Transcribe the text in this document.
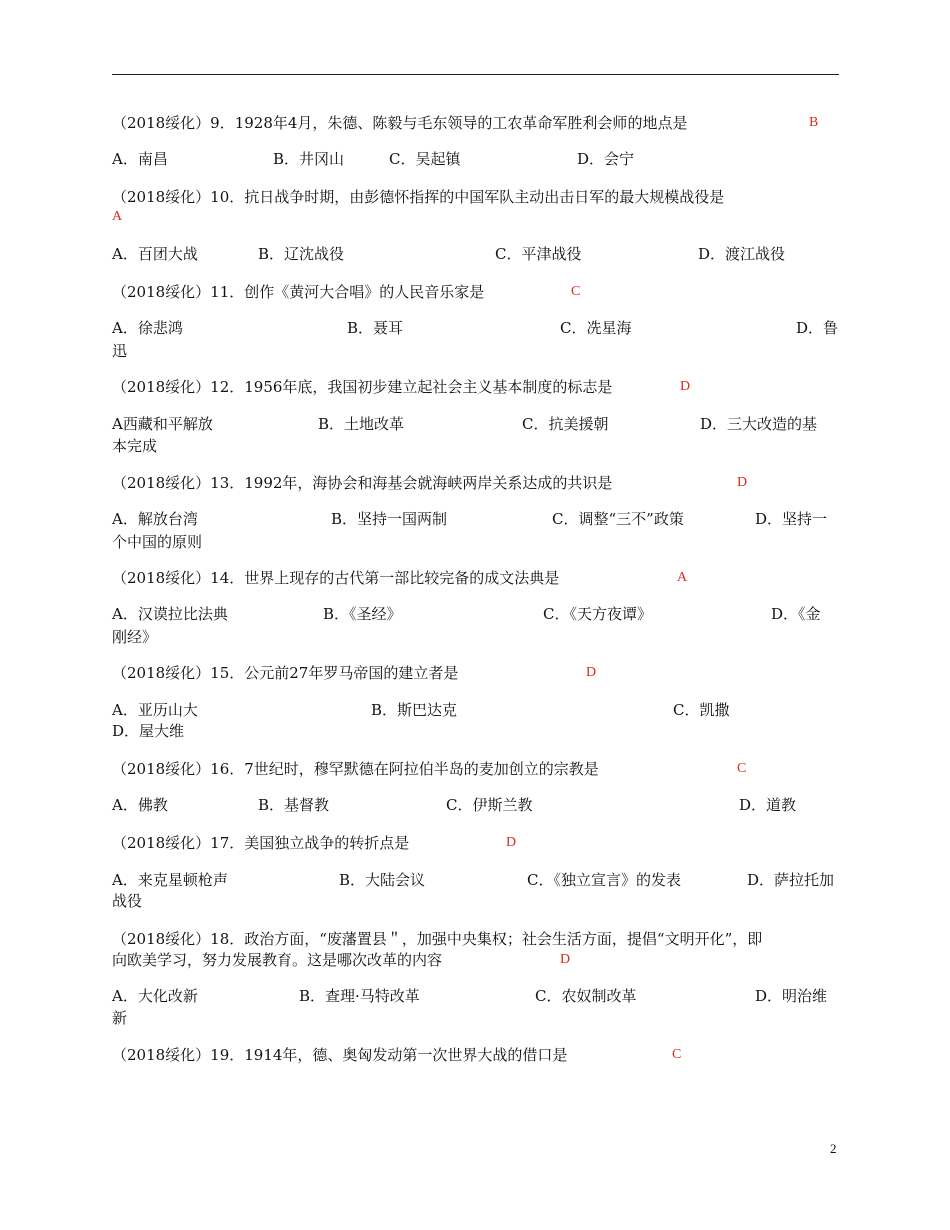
（2018绥化）9．1928年4月，朱德、陈毅与毛东领导的工农革命军胜利会师的地点是	B
A．南昌	B．井冈山	C．吴起镇	D．会宁
（2018绥化）10．抗日战争时期，由彭德怀指挥的中国军队主动出击日军的最大规模战役是
A
A．百团大战	B．辽沈战役	C．平津战役	D．渡江战役
（2018绥化）11．创作《黄河大合唱》的人民音乐家是	C
A．徐悲鸿	B．聂耳	C．冼星海	D．鲁
迅
（2018绥化）12．1956年底，我国初步建立起社会主义基本制度的标志是	D
A西藏和平解放	B．土地改革	C．抗美援朝	D．三大改造的基
本完成
（2018绥化）13．1992年，海协会和海基会就海峡两岸关系达成的共识是	D
A．解放台湾	B．坚持一国两制	C．调整“三不”政策	D．坚持一
个中国的原则
（2018绥化）14．世界上现存的古代第一部比较完备的成文法典是	A
A．汉谟拉比法典	B．《圣经》	C．《天方夜谭》	D．《金
刚经》
（2018绥化）15．公元前27年罗马帝国的建立者是	D
A．亚历山大	B．斯巴达克	C．凯撒
D．屋大维
（2018绥化）16．7世纪时，穆罕默德在阿拉伯半岛的麦加创立的宗教是	C
A．佛教	B．基督教	C．伊斯兰教	D．道教
（2018绥化）17．美国独立战争的转折点是	D
A．来克星顿枪声	B．大陆会议	C．《独立宣言》的发表	D．萨拉托加
战役
（2018绥化）18．政治方面，“废藩置县＂，加强中央集权；社会生活方面，提倡“文明开化”，即
向欧美学习，努力发展教育。这是哪次改革的内容	D
A．大化改新	B．查理·马特改革	C．农奴制改革	D．明治维
新
（2018绥化）19．1914年，德、奥匈发动第一次世界大战的借口是	C
2
